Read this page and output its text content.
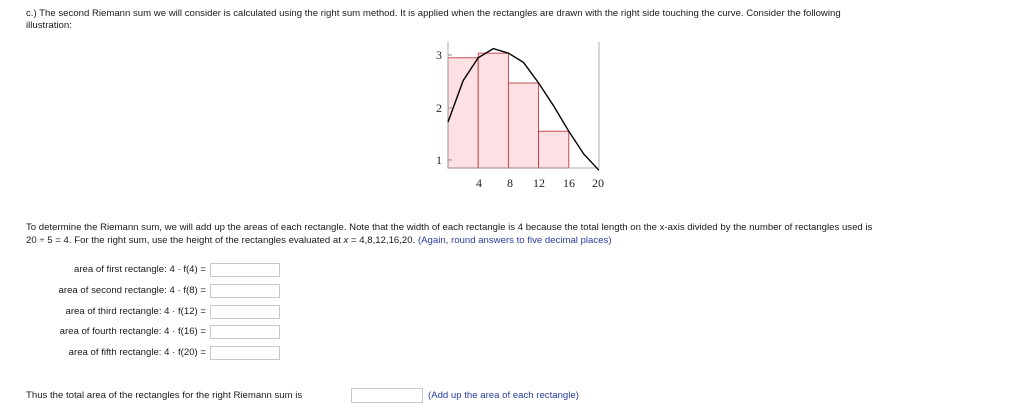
c.) The second Riemann sum we will consider is calculated using the right sum method. It is applied when the rectangles are drawn with the right side touching the curve. Consider the following
illustration:
1
2
3
4 8 12 16 20
To determine the Riemann sum, we will add up the areas of each rectangle. Note that the width of each rectangle is 4 because the total length on the x-axis divided by the number of rectangles used is
20 ÷ 5 = 4. For the right sum, use the height of the rectangles evaluated at x = 4,8,12,16,20. (Again, round answers to five decimal places)
area of first rectangle: 4 · f(4) =
area of second rectangle: 4 · f(8) =
area of third rectangle: 4 · f(12) =
area of fourth rectangle: 4 · f(16) =
area of fifth rectangle: 4 · f(20) =
Thus the total area of the rectangles for the right Riemann sum is	(Add up the area of each rectangle)
